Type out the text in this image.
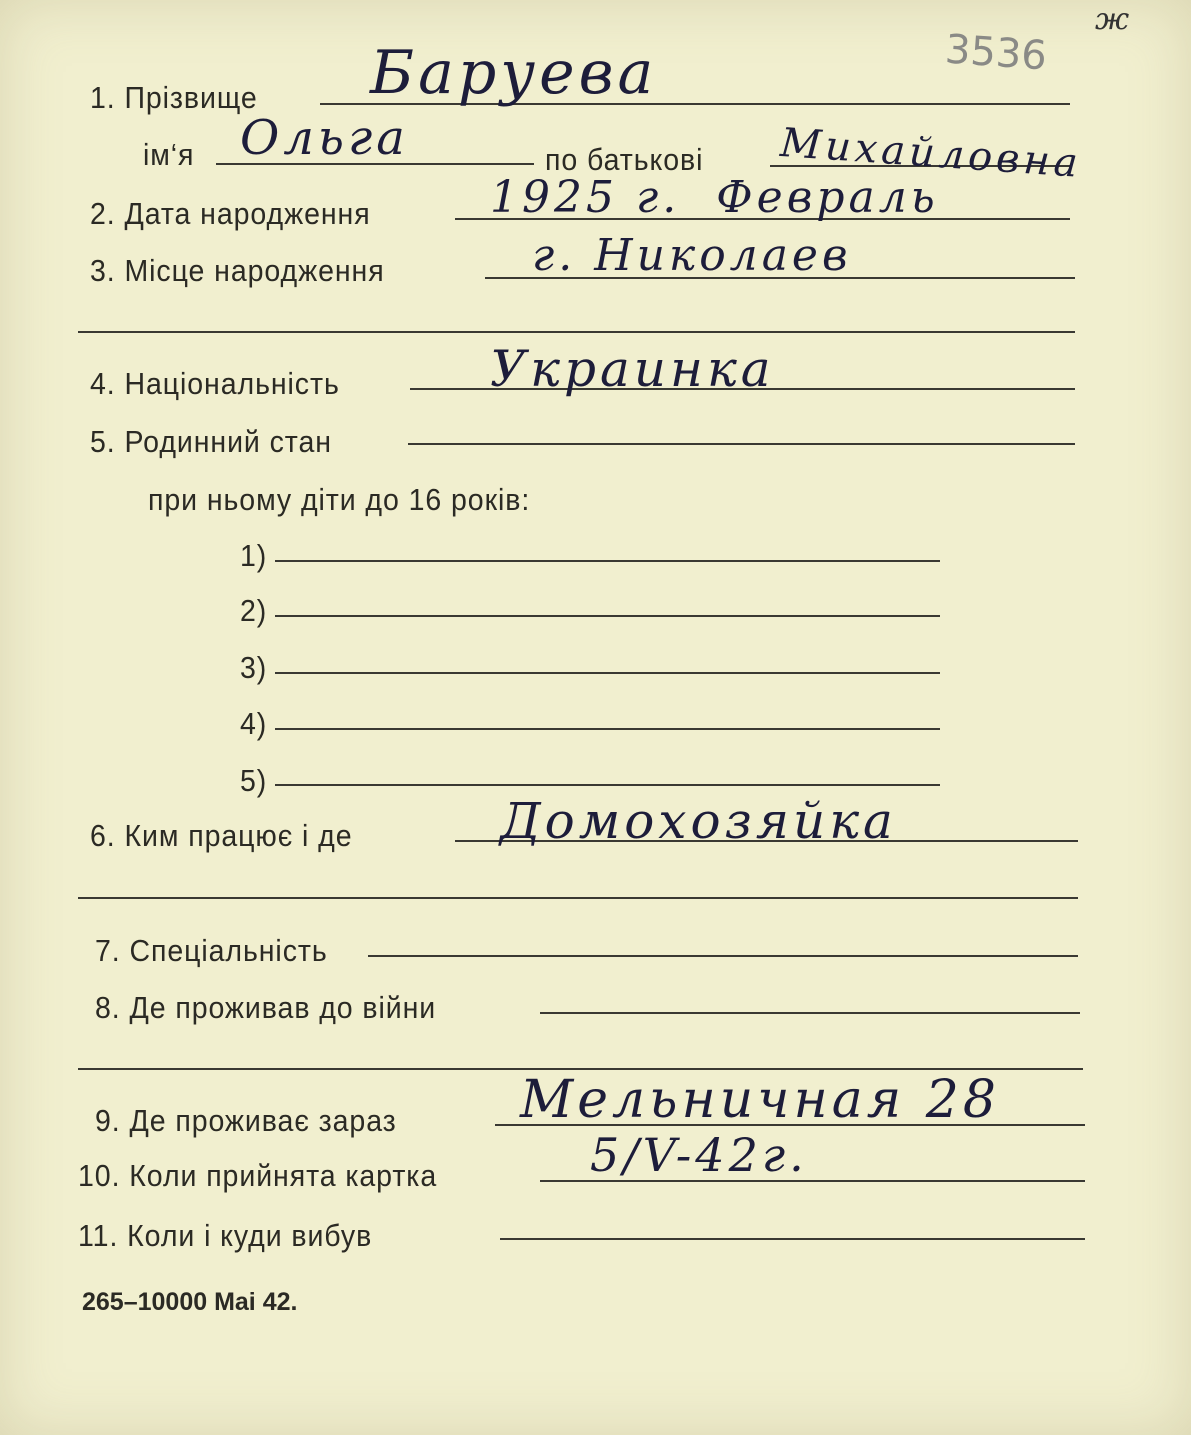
3536
ж
1. Прізвище Баруева
ім‘я Ольга	по батькові Михайловна
2. Дата народження	1925 г.  Февраль
3. Місце народження	г. Николаев
4. Національність	Украинка
5. Родинний стан
при ньому діти до 16 років:
1)
2)
3)
4)
5)
6. Ким працює і де	Домохозяйка
7. Спеціальність
8. Де проживав до війни
9. Де проживає зараз Мельничная 28
10. Коли прийнята картка	5/V-42г.
11. Коли і куди вибув
265–10000 Mai 42.
